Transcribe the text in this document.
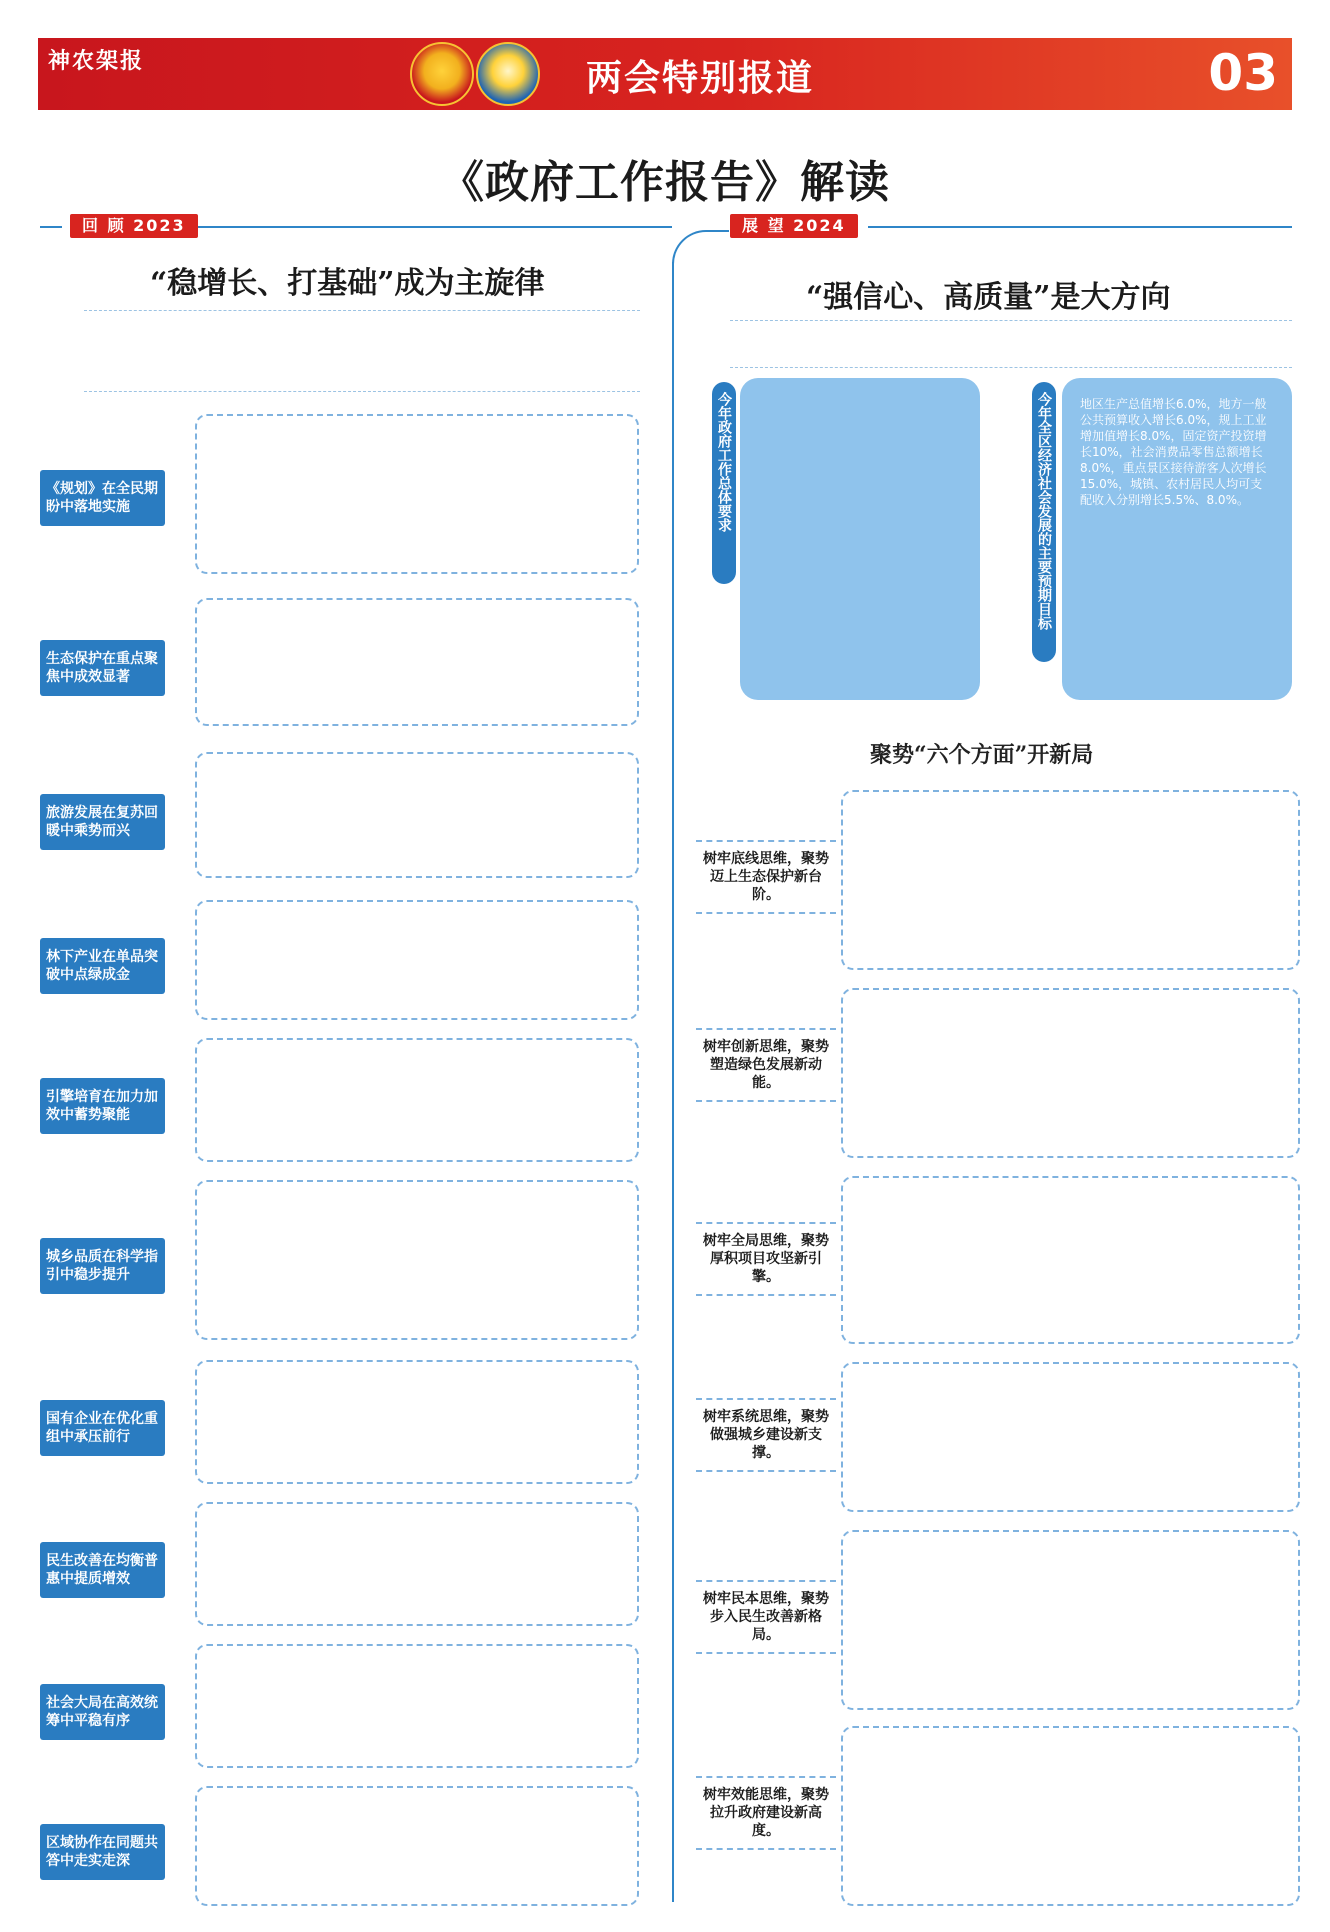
神农架报	两会特别报道	03
《政府工作报告》解读
回 顾 2023
“稳增长、打基础”成为主旋律
《规划》在全民期盼中落地实施
生态保护在重点聚焦中成效显著
旅游发展在复苏回暖中乘势而兴
林下产业在单品突破中点绿成金
引擎培育在加力加效中蓄势聚能
城乡品质在科学指引中稳步提升
国有企业在优化重组中承压前行
民生改善在均衡普惠中提质增效
社会大局在高效统筹中平稳有序
区域协作在同题共答中走实走深
展 望 2024
“强信心、高质量”是大方向
今年政府工作总体要求	今年全区经济社会发展的主要预期目标 地区生产总值增长6.0%，地方一般公共预算收入增长6.0%，规上工业增加值增长8.0%，固定资产投资增长10%，社会消费品零售总额增长8.0%，重点景区接待游客人次增长15.0%，城镇、农村居民人均可支配收入分别增长5.5%、8.0%。
聚势“六个方面”开新局
树牢底线思维，聚势迈上生态保护新台阶。
树牢创新思维，聚势塑造绿色发展新动能。
树牢全局思维，聚势厚积项目攻坚新引擎。
树牢系统思维，聚势做强城乡建设新支撑。
树牢民本思维，聚势步入民生改善新格局。
树牢效能思维，聚势拉升政府建设新高度。
